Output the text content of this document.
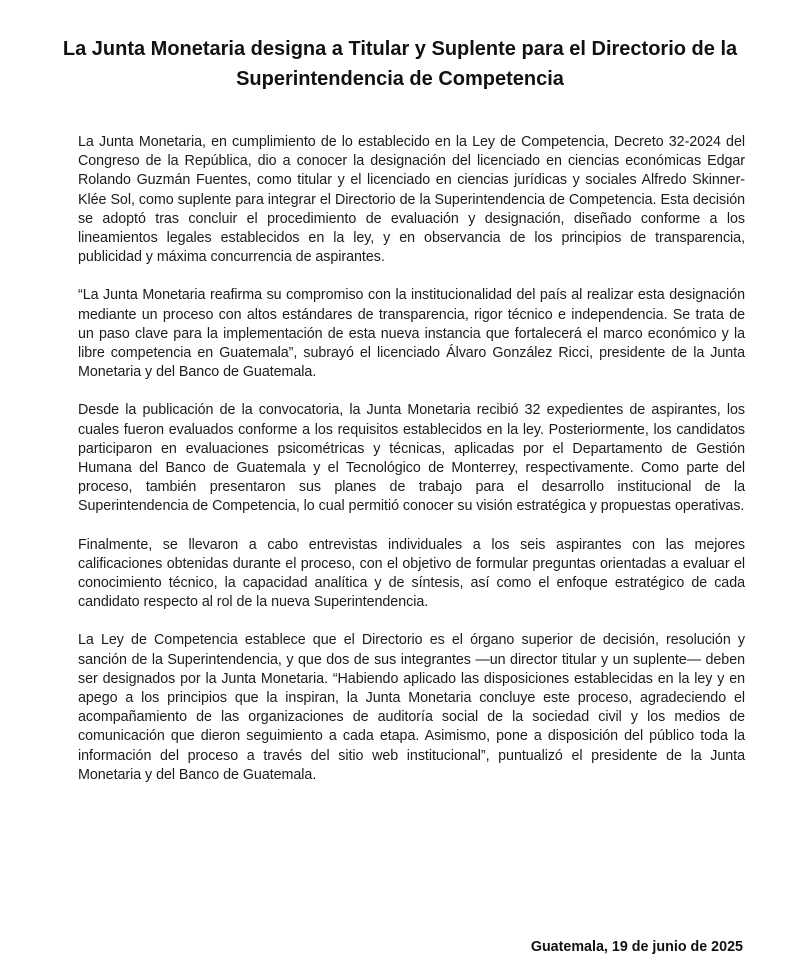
La Junta Monetaria designa a Titular y Suplente para el Directorio de la Superintendencia de Competencia

La Junta Monetaria, en cumplimiento de lo establecido en la Ley de Competencia, Decreto 32-2024 del Congreso de la República, dio a conocer la designación del licenciado en ciencias económicas Edgar Rolando Guzmán Fuentes, como titular y el licenciado en ciencias jurídicas y sociales Alfredo Skinner-Klée Sol, como suplente para integrar el Directorio de la Superintendencia de Competencia. Esta decisión se adoptó tras concluir el procedimiento de evaluación y designación, diseñado conforme a los lineamientos legales establecidos en la ley, y en observancia de los principios de transparencia, publicidad y máxima concurrencia de aspirantes.

“La Junta Monetaria reafirma su compromiso con la institucionalidad del país al realizar esta designación mediante un proceso con altos estándares de transparencia, rigor técnico e independencia. Se trata de un paso clave para la implementación de esta nueva instancia que fortalecerá el marco económico y la libre competencia en Guatemala”, subrayó el licenciado Álvaro González Ricci, presidente de la Junta Monetaria y del Banco de Guatemala.

Desde la publicación de la convocatoria, la Junta Monetaria recibió 32 expedientes de aspirantes, los cuales fueron evaluados conforme a los requisitos establecidos en la ley. Posteriormente, los candidatos participaron en evaluaciones psicométricas y técnicas, aplicadas por el Departamento de Gestión Humana del Banco de Guatemala y el Tecnológico de Monterrey, respectivamente. Como parte del proceso, también presentaron sus planes de trabajo para el desarrollo institucional de la Superintendencia de Competencia, lo cual permitió conocer su visión estratégica y propuestas operativas.

Finalmente, se llevaron a cabo entrevistas individuales a los seis aspirantes con las mejores calificaciones obtenidas durante el proceso, con el objetivo de formular preguntas orientadas a evaluar el conocimiento técnico, la capacidad analítica y de síntesis, así como el enfoque estratégico de cada candidato respecto al rol de la nueva Superintendencia.

La Ley de Competencia establece que el Directorio es el órgano superior de decisión, resolución y sanción de la Superintendencia, y que dos de sus integrantes —un director titular y un suplente— deben ser designados por la Junta Monetaria. “Habiendo aplicado las disposiciones establecidas en la ley y en apego a los principios que la inspiran, la Junta Monetaria concluye este proceso, agradeciendo el acompañamiento de las organizaciones de auditoría social de la sociedad civil y los medios de comunicación que dieron seguimiento a cada etapa. Asimismo, pone a disposición del público toda la información del proceso a través del sitio web institucional”, puntualizó el presidente de la Junta Monetaria y del Banco de Guatemala.

Guatemala, 19 de junio de 2025
